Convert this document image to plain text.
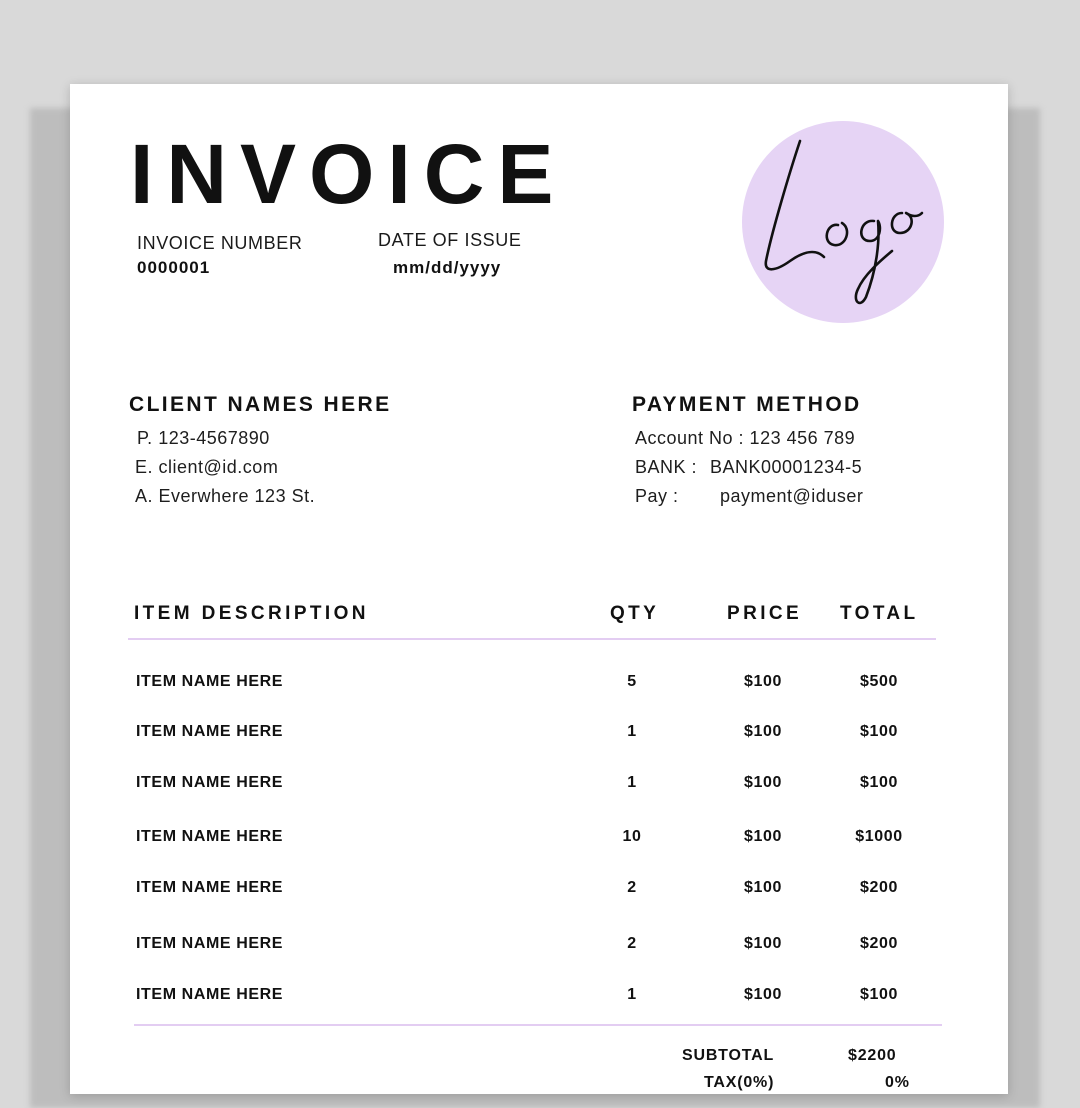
INVOICE
INVOICE NUMBER
0000001
DATE OF ISSUE
mm/dd/yyyy
CLIENT NAMES HERE
P. 123-4567890
E. client@id.com
A. Everwhere 123 St.
PAYMENT METHOD
Account No : 123 456 789
BANK : BANK00001234-5
Pay : payment@iduser
ITEM DESCRIPTION	QTY	PRICE TOTAL
ITEM NAME HERE	5	$100	$500
ITEM NAME HERE	1	$100	$100
ITEM NAME HERE	1	$100	$100
ITEM NAME HERE	10	$100	$1000
ITEM NAME HERE	2	$100	$200
ITEM NAME HERE	2	$100	$200
ITEM NAME HERE	1	$100	$100
SUBTOTAL	$2200
TAX(0%)	0%
